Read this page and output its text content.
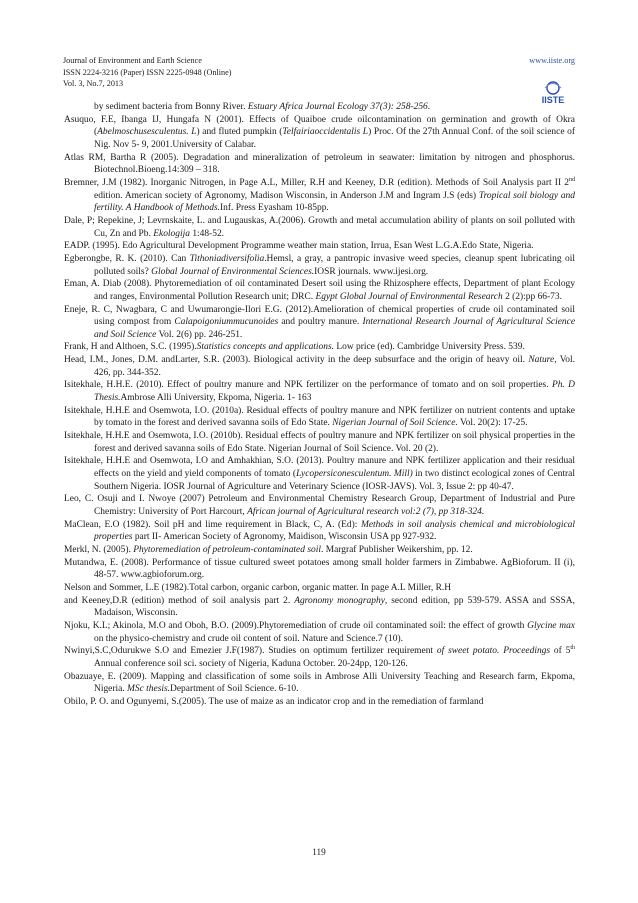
Journal of Environment and Earth Science
ISSN 2224-3216 (Paper) ISSN 2225-0948 (Online)
Vol. 3, No.7, 2013
www.iiste.org
IISTE
by sediment bacteria from Bonny River. Estuary Africa Journal Ecology 37(3): 258-256.
Asuquo, F.E, Ibanga IJ, Hungafa N (2001). Effects of Quaiboe crude oilcontamination on germination and growth of Okra (Abelmoschusesculentus. L) and fluted pumpkin (Telfairiaoccidentalis L) Proc. Of the 27th Annual Conf. of the soil science of Nig. Nov 5- 9, 2001.University of Calabar.
Atlas RM, Bartha R (2005). Degradation and mineralization of petroleum in seawater: limitation by nitrogen and phosphorus. Biotechnol.Bioeng.14:309 – 318.
Bremner, J.M (1982). Inorganic Nitrogen, in Page A.L, Miller, R.H and Keeney, D.R (edition). Methods of Soil Analysis part II 2nd edition. American society of Agronomy, Madison Wisconsin, in Anderson J.M and Ingram J.S (eds) Tropical soil biology and fertility. A Handbook of Methods.Inf. Press Eyasham 10-85pp.
Dale, P; Repekine, J; Levrnskaite, L. and Lugauskas, A.(2006). Growth and metal accumulation ability of plants on soil polluted with Cu, Zn and Pb. Ekologija 1:48-52.
EADP. (1995). Edo Agricultural Development Programme weather main station, Irrua, Esan West L.G.A.Edo State, Nigeria.
Egberongbe, R. K. (2010). Can Tithoniadiversifolia.Hemsl, a gray, a pantropic invasive weed species, cleanup spent lubricating oil polluted soils? Global Journal of Environmental Sciences.IOSR journals. www.ijesi.org.
Eman, A. Diab (2008). Phytoremediation of oil contaminated Desert soil using the Rhizosphere effects, Department of plant Ecology and ranges, Environmental Pollution Research unit; DRC. Egypt Global Journal of Environmental Research 2 (2):pp 66-73.
Eneje, R. C, Nwagbara, C and Uwumarongie-Ilori E.G. (2012).Amelioration of chemical properties of crude oil contaminated soil using compost from Calapoigoniummucunoides and poultry manure. International Research Journal of Agricultural Science and Soil Science Vol. 2(6) pp. 246-251.
Frank, H and Althoen, S.C. (1995).Statistics concepts and applications. Low price (ed). Cambridge University Press. 539.
Head, I.M., Jones, D.M. andLarter, S.R. (2003). Biological activity in the deep subsurface and the origin of heavy oil. Nature, Vol. 426, pp. 344-352.
Isitekhale, H.H.E. (2010). Effect of poultry manure and NPK fertilizer on the performance of tomato and on soil properties. Ph. D Thesis.Ambrose Alli University, Ekpoma, Nigeria. 1- 163
Isitekhale, H.H.E and Osemwota, I.O. (2010a). Residual effects of poultry manure and NPK fertilizer on nutrient contents and uptake by tomato in the forest and derived savanna soils of Edo State. Nigerian Journal of Soil Science. Vol. 20(2): 17-25.
Isitekhale, H.H.E and Osemwota, I.O. (2010b). Residual effects of poultry manure and NPK fertilizer on soil physical properties in the forest and derived savanna soils of Edo State. Nigerian Journal of Soil Science. Vol. 20 (2).
Isitekhale, H.H.E and Osemwota, I.O and Amhakhian, S.O. (2013). Poultry manure and NPK fertilizer application and their residual effects on the yield and yield components of tomato (Lycopersiconesculentum. Mill) in two distinct ecological zones of Central Southern Nigeria. IOSR Journal of Agriculture and Veterinary Science (IOSR-JAVS). Vol. 3, Issue 2: pp 40-47.
Leo, C. Osuji and I. Nwoye (2007) Petroleum and Environmental Chemistry Research Group, Department of Industrial and Pure Chemistry: University of Port Harcourt, African journal of Agricultural research vol:2 (7), pp 318-324.
MaClean, E.O (1982). Soil pH and lime requirement in Black, C, A. (Ed): Methods in soil analysis chemical and microbiological properties part II- American Society of Agronomy, Maidison, Wisconsin USA pp 927-932.
Merkl, N. (2005). Phytoremediation of petroleum-contaminated soil. Margraf Publisher Weikershim, pp. 12.
Mutandwa, E. (2008). Performance of tissue cultured sweet potatoes among small holder farmers in Zimbabwe. AgBioforum. II (i), 48-57. www.agbioforum.org.
Nelson and Sommer, L.E (1982).Total carbon, organic carbon, organic matter. In page A.L Miller, R.H
and Keeney,D.R (edition) method of soil analysis part 2. Agronomy monography, second edition, pp 539-579. ASSA and SSSA, Madaison, Wisconsin.
Njoku, K.L; Akinola, M.O and Oboh, B.O. (2009).Phytoremediation of crude oil contaminated soil: the effect of growth Glycine max on the physico-chemistry and crude oil content of soil. Nature and Science.7 (10).
Nwinyi,S.C,Odurukwe S.O and Emezier J.F(1987). Studies on optimum fertilizer requirement of sweet potato. Proceedings of 5th Annual conference soil sci. society of Nigeria, Kaduna October. 20-24pp, 120-126.
Obazuaye, E. (2009). Mapping and classification of some soils in Ambrose Alli University Teaching and Research farm, Ekpoma, Nigeria. MSc thesis.Department of Soil Science. 6-10.
Obilo, P. O. and Ogunyemi, S.(2005). The use of maize as an indicator crop and in the remediation of farmland
119
